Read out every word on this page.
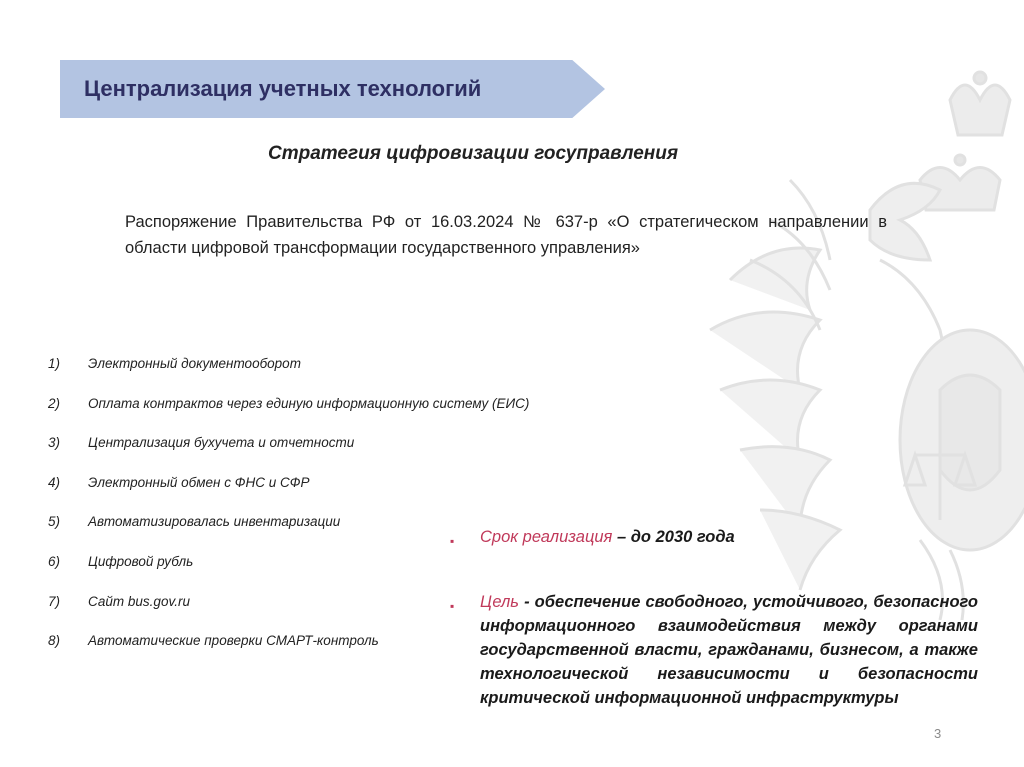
Централизация учетных технологий
Стратегия цифровизации госуправления
Распоряжение Правительства РФ от 16.03.2024 № 637-р «О стратегическом направлении в области цифровой трансформации государственного управления»
1)	Электронный документооборот
2)	Оплата контрактов через единую информационную систему (ЕИС)
3)	Централизация бухучета и отчетности
4)	Электронный обмен с ФНС и СФР
5)	Автоматизировалась инвентаризации
6)	Цифровой рубль
7)	Сайт bus.gov.ru
8)	Автоматические проверки СМАРТ-контроль
▪	Срок реализация – до 2030 года
▪	Цель - обеспечение свободного, устойчивого, безопасного информационного взаимодействия между органами государственной власти, гражданами, бизнесом, а также технологической независимости и безопасности критической информационной инфраструктуры
3
